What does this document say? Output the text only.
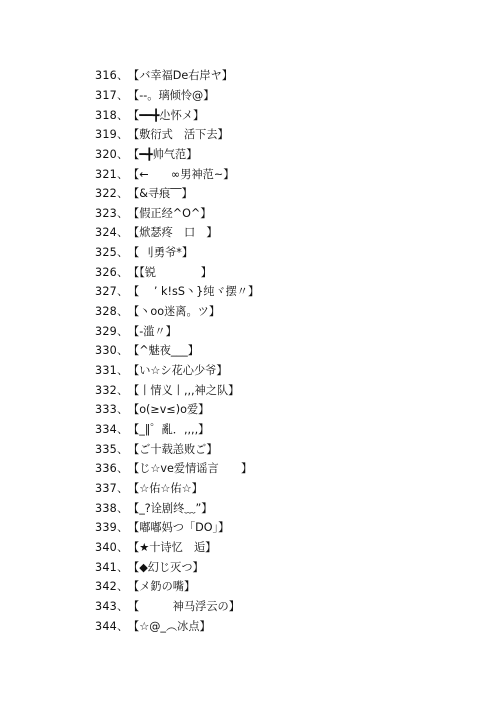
316、 【バ幸福De右岸ヤ】
317、 【--。璃倾怜@】
318、 【━━╋尐怀メ】
319、 【敷衍式　活下去】
320、 【━╋帅气范】
321、 【←　　∞男神范~】
322、 【&寻痕‾‾】
323、 【假正经^O^】
324、 【焮瑟疼　口　】
325、 【 刂勇爷*】
326、 【【锐　　　　】
327、 【　 ’ k!sS丶}纯ヾ摆〃】
328、 【丶oo迷离。ツ】
329、 【-滥〃】
330、 【^魅夜___】
331、 【い☆シ花心少爷】
332、 【丨情义丨,,,神之队】
333、 【o(≥v≤)o爱】
334、 【_‖゜亂．,,,,】
335、 【ご十载恙败ご】
336、 【じ☆ve爱情谣言　　】
337、 【☆佑☆佑☆】
338、 【_?诠剧终﹏”】
339、 【嘟嘟妈つ「DO」】
340、 【★十诗忆　逅】
341、 【◆幻じ灭つ】
342、 【メ釢の嘴】
343、 【　　　神马浮云の】
344、 【☆@_︵冰点】
